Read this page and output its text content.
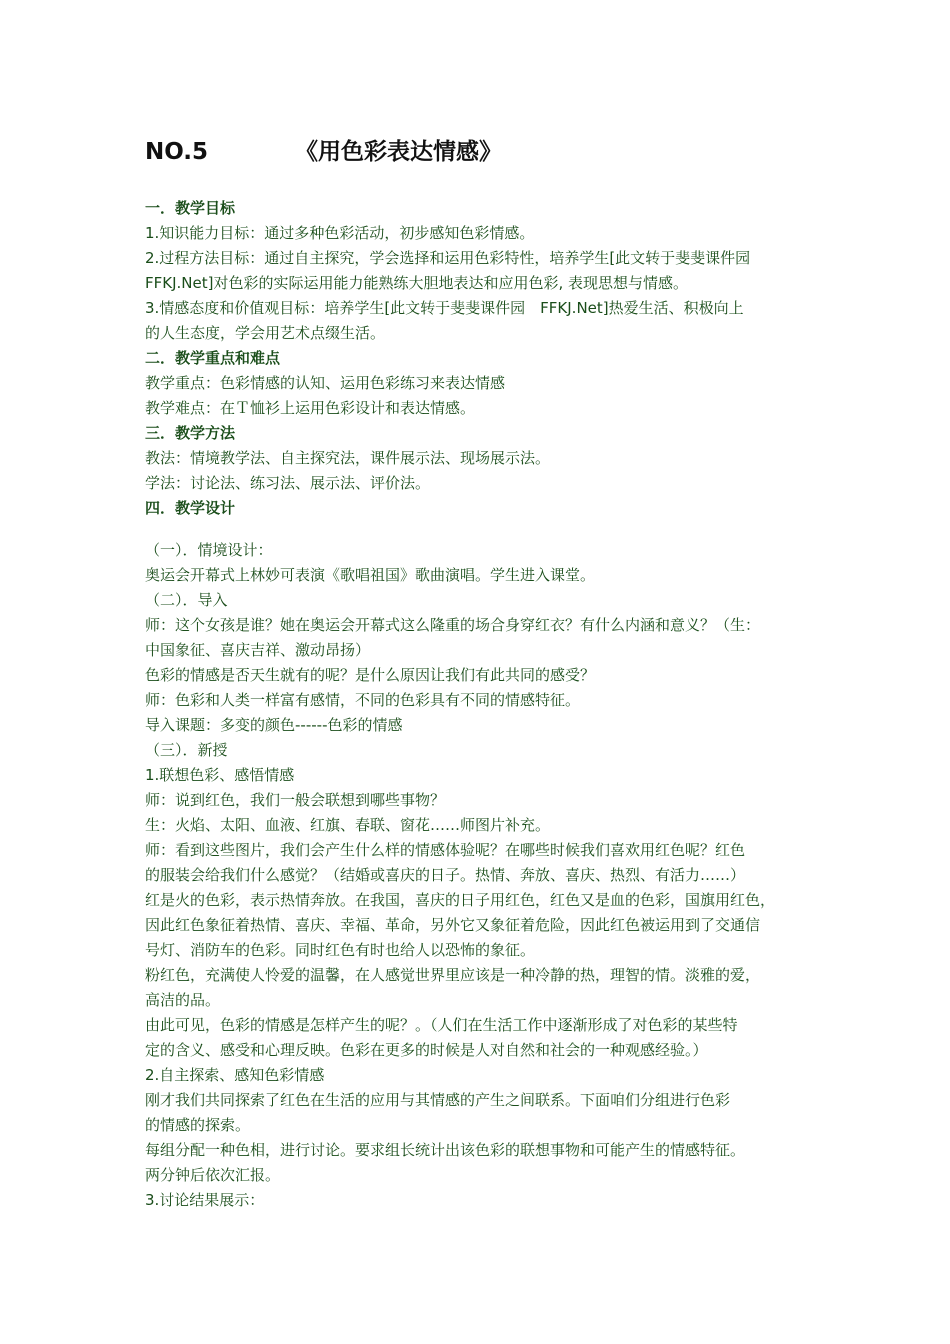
NO.5	《用色彩表达情感》
一．教学目标
1.知识能力目标：通过多种色彩活动，初步感知色彩情感。
2.过程方法目标：通过自主探究，学会选择和运用色彩特性，培养学生[此文转于斐斐课件园
FFKJ.Net]对色彩的实际运用能力能熟练大胆地表达和应用色彩, 表现思想与情感。
3.情感态度和价值观目标：培养学生[此文转于斐斐课件园　FFKJ.Net]热爱生活、积极向上
的人生态度，学会用艺术点缀生活。
二．教学重点和难点
教学重点：色彩情感的认知、运用色彩练习来表达情感
教学难点：在Ｔ恤衫上运用色彩设计和表达情感。
三．教学方法
教法：情境教学法、自主探究法，课件展示法、现场展示法。
学法：讨论法、练习法、展示法、评价法。
四．教学设计
（一）．情境设计：
奥运会开幕式上林妙可表演《歌唱祖国》歌曲演唱。学生进入课堂。
（二）．导入
师：这个女孩是谁？她在奥运会开幕式这么隆重的场合身穿红衣？有什么内涵和意义？（生：
中国象征、喜庆吉祥、激动昂扬）
色彩的情感是否天生就有的呢？是什么原因让我们有此共同的感受？
师：色彩和人类一样富有感情，不同的色彩具有不同的情感特征。
导入课题：多变的颜色------色彩的情感
（三）．新授
1.联想色彩、感悟情感
师：说到红色，我们一般会联想到哪些事物？
生：火焰、太阳、血液、红旗、春联、窗花……师图片补充。
师：看到这些图片，我们会产生什么样的情感体验呢？在哪些时候我们喜欢用红色呢？红色
的服装会给我们什么感觉？（结婚或喜庆的日子。热情、奔放、喜庆、热烈、有活力……）
红是火的色彩，表示热情奔放。在我国，喜庆的日子用红色，红色又是血的色彩，国旗用红色，
因此红色象征着热情、喜庆、幸福、革命，另外它又象征着危险，因此红色被运用到了交通信
号灯、消防车的色彩。同时红色有时也给人以恐怖的象征。
粉红色，充满使人怜爱的温馨，在人感觉世界里应该是一种冷静的热，理智的情。淡雅的爱，
高洁的品。
由此可见，色彩的情感是怎样产生的呢？。（人们在生活工作中逐渐形成了对色彩的某些特
定的含义、感受和心理反映。色彩在更多的时候是人对自然和社会的一种观感经验。）
2.自主探索、感知色彩情感
刚才我们共同探索了红色在生活的应用与其情感的产生之间联系。下面咱们分组进行色彩
的情感的探索。
每组分配一种色相，进行讨论。要求组长统计出该色彩的联想事物和可能产生的情感特征。
两分钟后依次汇报。
3.讨论结果展示：
